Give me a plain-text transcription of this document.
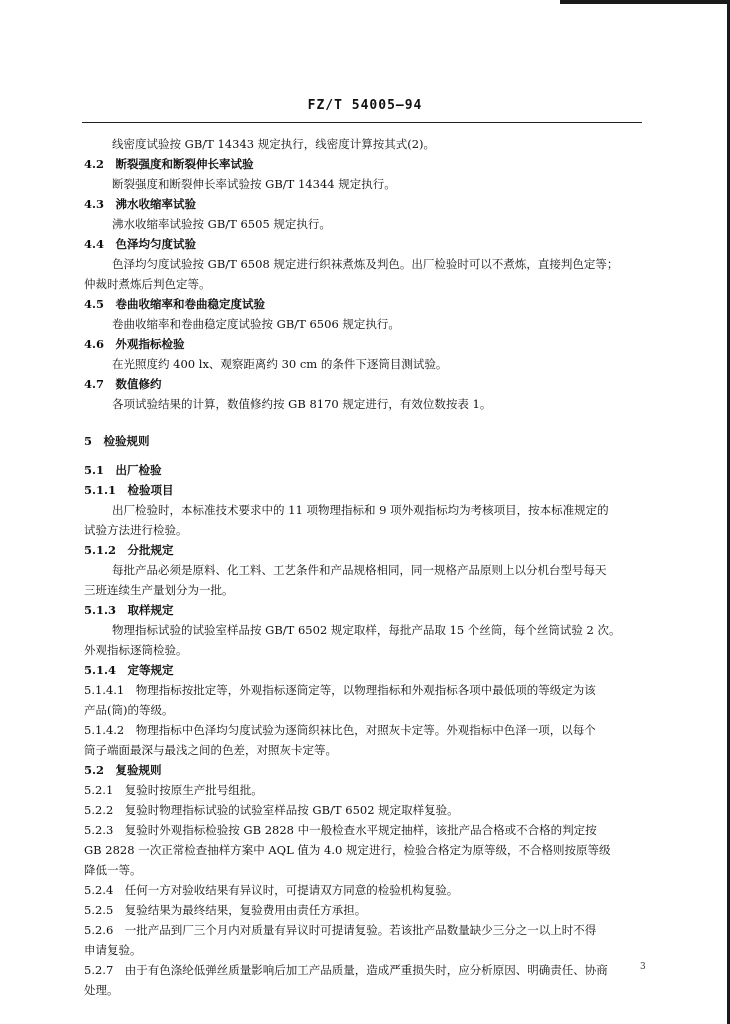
FZ/T 54005—94
线密度试验按 GB/T 14343 规定执行，线密度计算按其式(2)。
4.2　断裂强度和断裂伸长率试验
断裂强度和断裂伸长率试验按 GB/T 14344 规定执行。
4.3　沸水收缩率试验
沸水收缩率试验按 GB/T 6505 规定执行。
4.4　色泽均匀度试验
色泽均匀度试验按 GB/T 6508 规定进行织袜煮炼及判色。出厂检验时可以不煮炼，直接判色定等；
仲裁时煮炼后判色定等。
4.5　卷曲收缩率和卷曲稳定度试验
卷曲收缩率和卷曲稳定度试验按 GB/T 6506 规定执行。
4.6　外观指标检验
在光照度约 400 lx、观察距离约 30 cm 的条件下逐筒目测试验。
4.7　数值修约
各项试验结果的计算，数值修约按 GB 8170 规定进行，有效位数按表 1。
5　检验规则
5.1　出厂检验
5.1.1　检验项目
出厂检验时，本标准技术要求中的 11 项物理指标和 9 项外观指标均为考核项目，按本标准规定的
试验方法进行检验。
5.1.2　分批规定
每批产品必须是原料、化工料、工艺条件和产品规格相同，同一规格产品原则上以分机台型号每天
三班连续生产量划分为一批。
5.1.3　取样规定
物理指标试验的试验室样品按 GB/T 6502 规定取样，每批产品取 15 个丝筒，每个丝筒试验 2 次。
外观指标逐筒检验。
5.1.4　定等规定
5.1.4.1　物理指标按批定等，外观指标逐筒定等，以物理指标和外观指标各项中最低项的等级定为该
产品(筒)的等级。
5.1.4.2　物理指标中色泽均匀度试验为逐筒织袜比色，对照灰卡定等。外观指标中色泽一项，以每个
筒子端面最深与最浅之间的色差，对照灰卡定等。
5.2　复验规则
5.2.1　复验时按原生产批号组批。
5.2.2　复验时物理指标试验的试验室样品按 GB/T 6502 规定取样复验。
5.2.3　复验时外观指标检验按 GB 2828 中一般检查水平规定抽样，该批产品合格或不合格的判定按
GB 2828 一次正常检查抽样方案中 AQL 值为 4.0 规定进行，检验合格定为原等级，不合格则按原等级
降低一等。
5.2.4　任何一方对验收结果有异议时，可提请双方同意的检验机构复验。
5.2.5　复验结果为最终结果，复验费用由责任方承担。
5.2.6　一批产品到厂三个月内对质量有异议时可提请复验。若该批产品数量缺少三分之一以上时不得
申请复验。
5.2.7　由于有色涤纶低弹丝质量影响后加工产品质量，造成严重损失时，应分析原因、明确责任、协商
处理。
3
